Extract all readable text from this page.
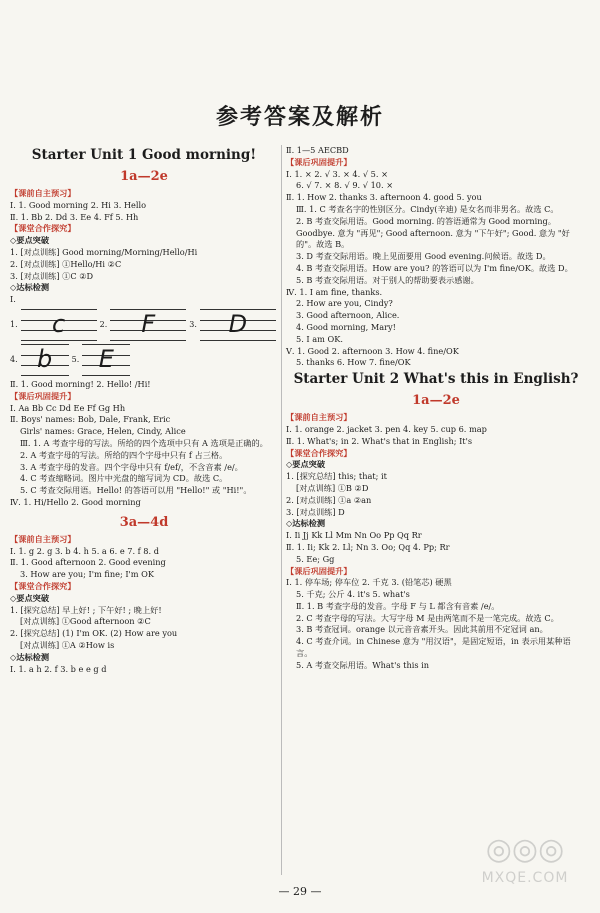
参考答案及解析
Starter Unit 1 Good morning!
1a—2e

【课前自主预习】

Ⅰ. 1. Good morning 2. Hi 3. Hello

Ⅱ. 1. Bb 2. Dd 3. Ee 4. Ff 5. Hh

【课堂合作探究】

◇要点突破

1. [对点训练] Good morning/Morning/Hello/Hi

2. [对点训练] ①Hello/Hi ②C

3. [对点训练] ①C ②D

◇达标检测

Ⅰ.

1. c	2. F	3. D
4. b 5. E

Ⅱ. 1. Good morning! 2. Hello! /Hi!

【课后巩固提升】

Ⅰ. Aa Bb Cc Dd Ee Ff Gg Hh

Ⅱ. Boys' names: Bob, Dale, Frank, Eric

Girls' names: Grace, Helen, Cindy, Alice

Ⅲ. 1. A 考查字母的写法。所给的四个选项中只有 A 选项是正确的。

2. A 考查字母的写法。所给的四个字母中只有 f 占三格。

3. A 考查字母的发音。四个字母中只有 f/ef/，不含音素 /e/。

4. C 考查缩略词。图片中光盘的缩写词为 CD。故选 C。

5. C 考查交际用语。Hello! 的答语可以用 "Hello!" 或 "Hi!"。

Ⅳ. 1. Hi/Hello 2. Good morning

3a—4d

【课前自主预习】

Ⅰ. 1. g 2. g 3. b 4. h 5. a 6. e 7. f 8. d

Ⅱ. 1. Good afternoon 2. Good evening

3. How are you; I'm fine; I'm OK

【课堂合作探究】

◇要点突破

1. [探究总结] 早上好! ; 下午好! ; 晚上好!

[对点训练] ①Good afternoon ②C

2. [探究总结] (1) I'm OK. (2) How are you

[对点训练] ①A ②How is

◇达标检测

Ⅰ. 1. a h 2. f 3. b e e g d

Ⅱ. 1—5 AECBD

【课后巩固提升】

Ⅰ. 1. × 2. √ 3. × 4. √ 5. ×

6. √ 7. × 8. √ 9. √ 10. ×

Ⅱ. 1. How 2. thanks 3. afternoon 4. good 5. you

Ⅲ. 1. C 考查名字的性别区分。Cindy(辛迪) 是女名而非男名。故选 C。

2. B 考查交际用语。Good morning. 的答语通常为 Good morning。Goodbye. 意为 "再见"; Good afternoon. 意为 "下午好"; Good. 意为 "好的"。故选 B。

3. D 考查交际用语。晚上见面要用 Good evening.问候语。故选 D。

4. B 考查交际用语。How are you? 的答语可以为 I'm fine/OK。故选 D。

5. B 考查交际用语。对于别人的帮助要表示感谢。

Ⅳ. 1. I am fine, thanks.

2. How are you, Cindy?

3. Good afternoon, Alice.

4. Good morning, Mary!

5. I am OK.

Ⅴ. 1. Good 2. afternoon 3. How 4. fine/OK

5. thanks 6. How 7. fine/OK

Starter Unit 2 What's this in English?
1a—2e

【课前自主预习】

Ⅰ. 1. orange 2. jacket 3. pen 4. key 5. cup 6. map

Ⅱ. 1. What's; in 2. What's that in English; It's

【课堂合作探究】

◇要点突破

1. [探究总结] this; that; it

[对点训练] ①B ②D

2. [对点训练] ①a ②an

3. [对点训练] D

◇达标检测

Ⅰ. Ii Jj Kk Ll Mm Nn Oo Pp Qq Rr

Ⅱ. 1. Ii; Kk 2. Ll; Nn 3. Oo; Qq 4. Pp; Rr

5. Ee; Gg

【课后巩固提升】

Ⅰ. 1. 停车场; 停车位 2. 千克 3. (铅笔芯) 硬黑

5. 千克; 公斤 4. it's 5. what's

Ⅱ. 1. B 考查字母的发音。字母 F 与 L 都含有音素 /e/。

2. C 考查字母的写法。大写字母 M 是由两笔而不是一笔完成。故选 C。

3. B 考查冠词。orange 以元音音素开头。因此其前用不定冠词 an。

4. C 考查介词。in Chinese 意为 "用汉语"，是固定短语，in 表示用某种语言。

5. A 考查交际用语。What's this in

— 29 —
◎◎◎
MXQE.COM
